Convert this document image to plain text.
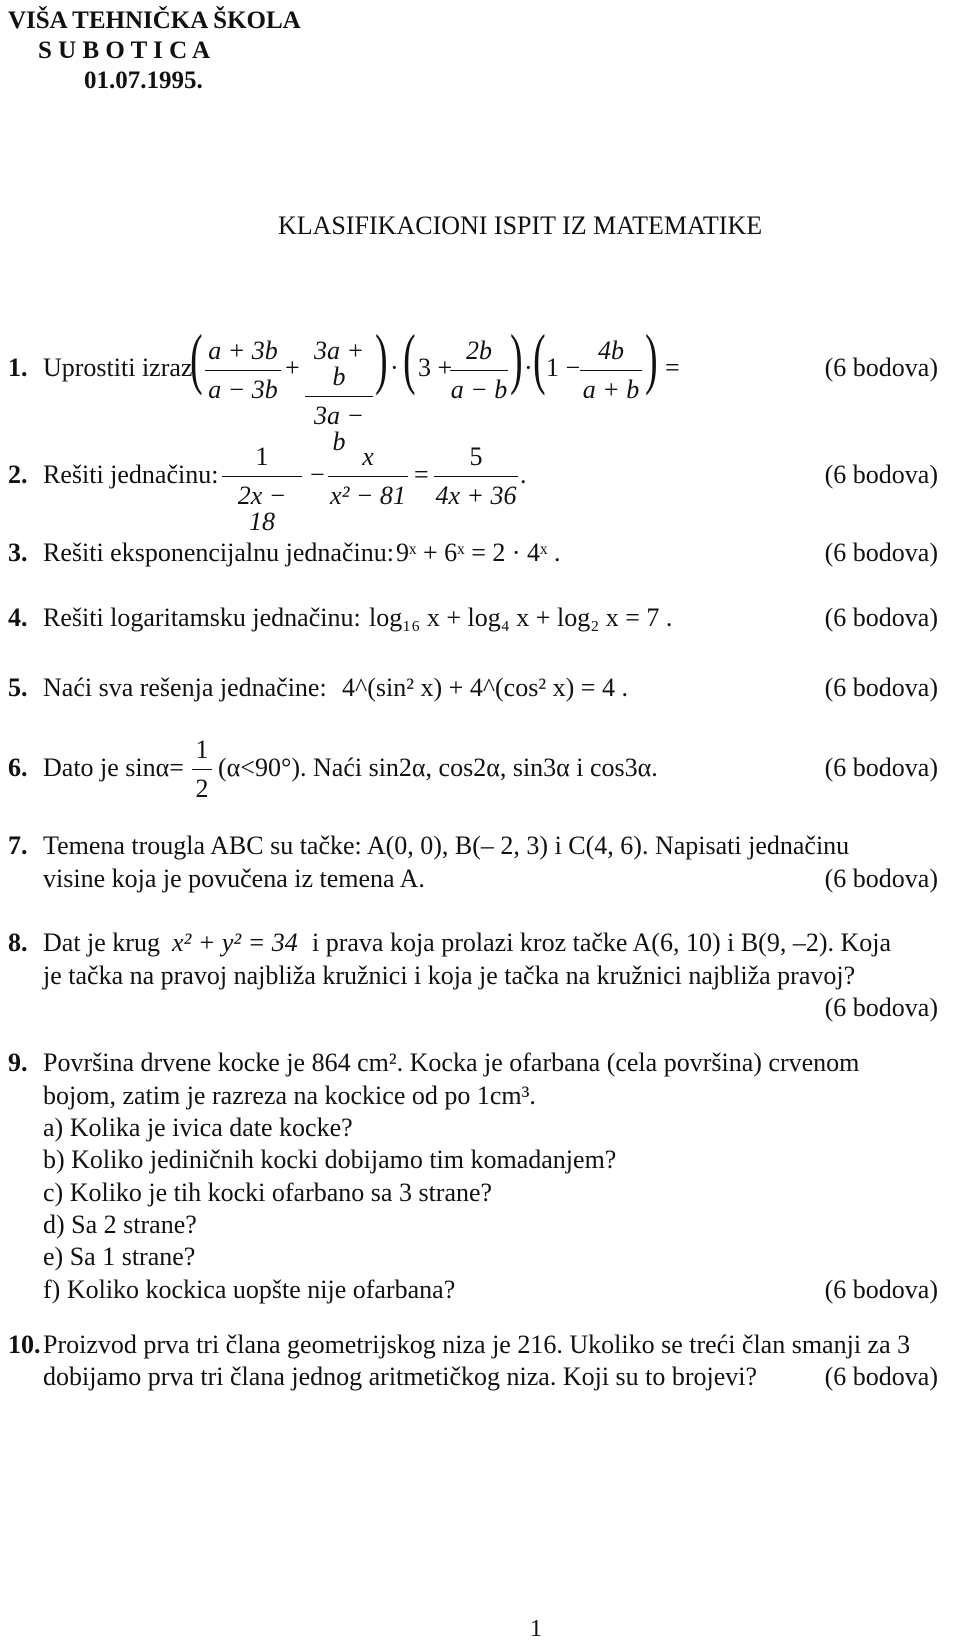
VIŠA TEHNIČKA ŠKOLA
S U B O T I C A
01.07.1995.
KLASIFIKACIONI ISPIT IZ MATEMATIKE
1. Uprostiti izraz
( a + 3b
a − 3b
+
3a + b
3a − b
) · ( 3 +
2b
a − b ) · ( 1 −
4b
a + b ) =	(6 bodova)
2. Rešiti jednačinu:
1
2x − 18
−
x
x² − 81
=
5
4x + 36
.	(6 bodova)
3. Rešiti eksponencijalnu jednačinu: 9ˣ + 6ˣ = 2 · 4ˣ .	(6 bodova)
4. Rešiti logaritamsku jednačinu: log₁₆ x + log₄ x + log₂ x = 7 .	(6 bodova)
5. Naći sva rešenja jednačine: 4^(sin² x) + 4^(cos² x) = 4 .	(6 bodova)
6. Dato je sinα=
1
2
(α<90°). Naći sin2α, cos2α, sin3α i cos3α.	(6 bodova)
7. Temena trougla ABC su tačke: A(0, 0), B(– 2, 3) i C(4, 6). Napisati jednačinu
visine koja je povučena iz temena A.	(6 bodova)
8. Dat je krug x² + y² = 34 i prava koja prolazi kroz tačke A(6, 10) i B(9, –2). Koja
je tačka na pravoj najbliža kružnici i koja je tačka na kružnici najbliža pravoj?
(6 bodova)
9. Površina drvene kocke je 864 cm². Kocka je ofarbana (cela površina) crvenom
bojom, zatim je razreza na kockice od po 1cm³.
a) Kolika je ivica date kocke?
b) Koliko jediničnih kocki dobijamo tim komadanjem?
c) Koliko je tih kocki ofarbano sa 3 strane?
d) Sa 2 strane?
e) Sa 1 strane?
f) Koliko kockica uopšte nije ofarbana?	(6 bodova)
10. Proizvod prva tri člana geometrijskog niza je 216. Ukoliko se treći član smanji za 3
dobijamo prva tri člana jednog aritmetičkog niza. Koji su to brojevi?	(6 bodova)
1
